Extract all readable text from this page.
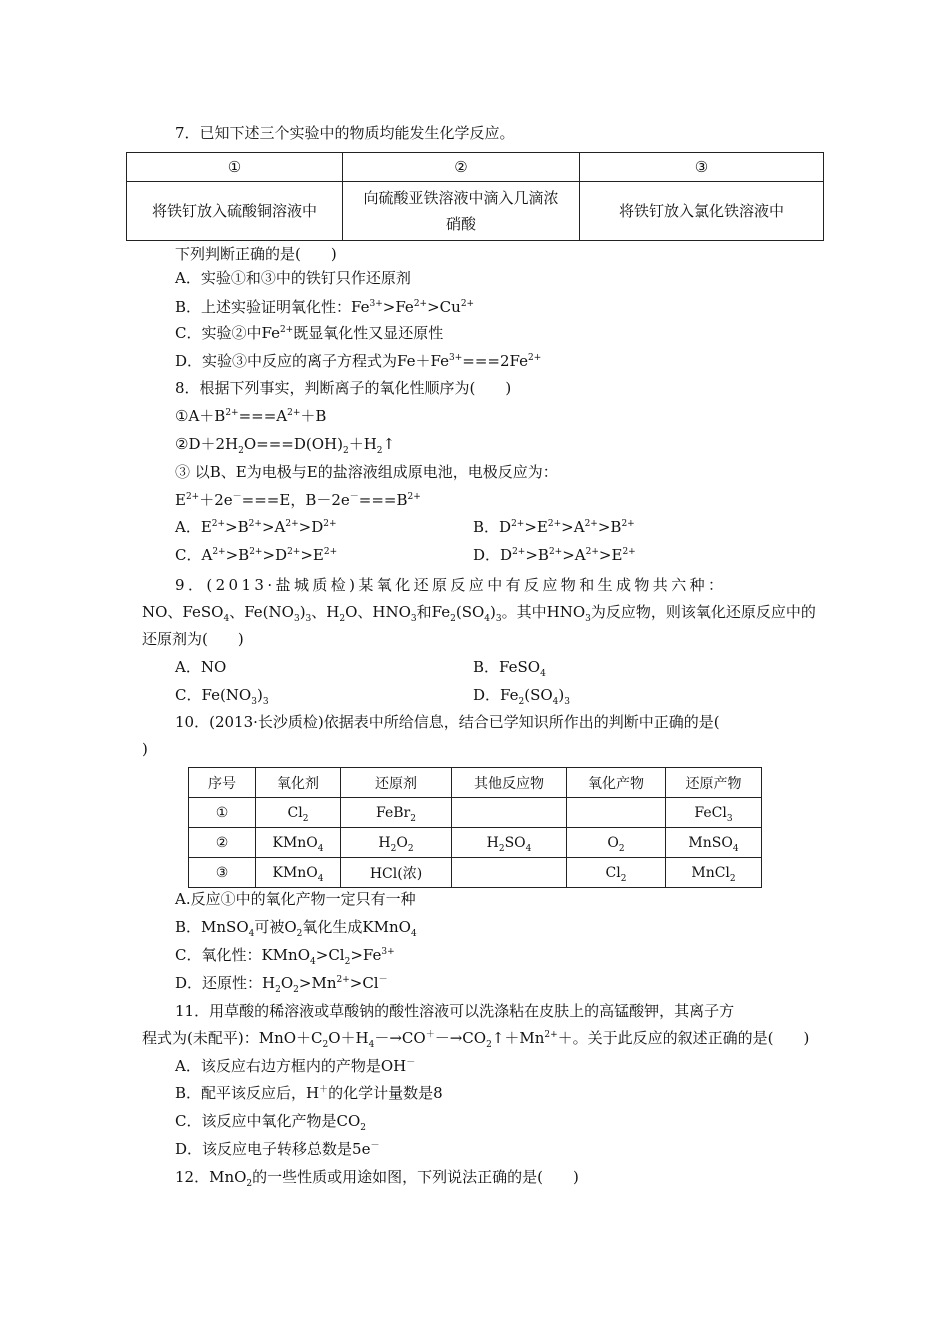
7．已知下述三个实验中的物质均能发生化学反应。
①	②	③
将铁钉放入硫酸铜溶液中	向硫酸亚铁溶液中滴入几滴浓
硝酸	将铁钉放入氯化铁溶液中
下列判断正确的是(　　)
A．实验①和③中的铁钉只作还原剂
B．上述实验证明氧化性：$Fe^{3+}>Fe^{2+}>Cu^{2+}$
C．实验②中$Fe^{2+}$既显氧化性又显还原性
D．实验③中反应的离子方程式为$Fe+Fe^{3+}===2Fe^{2+}$
8．根据下列事实，判断离子的氧化性顺序为(　　)
$①A+B^{2+}===A^{2+}+B$
$②D+2H_2O===D(OH)_2+H_2↑$
③ 以B、E为电极与E的盐溶液组成原电池，电极反应为：
$E^{2+}+2e^-===E$，$B-2e^-===B^{2+}$
A．$E^{2+}>B^{2+}>A^{2+}>D^{2+}$	B．$D^{2+}>E^{2+}>A^{2+}>B^{2+}$
C．$A^{2+}>B^{2+}>D^{2+}>E^{2+}$	D．$D^{2+}>B^{2+}>A^{2+}>E^{2+}$
9．(2013·盐城质检)某氧化还原反应中有反应物和生成物共六种：
NO、FeSO$_4$、$Fe(NO_3)_3$、$H_2O$、$HNO_3$和$Fe_2(SO_4)_3$。其中$HNO_3$为反应物，则该氧化还原反应中的
还原剂为(　　)
A．NO	B．FeSO$_4$
C．$Fe(NO_3)_3$	D．$Fe_2(SO_4)_3$
10．(2013·长沙质检)依据表中所给信息，结合已学知识所作出的判断中正确的是(
)
序号	氧化剂	还原剂	其他反应物	氧化产物	还原产物
①	$Cl_2$	FeBr$_2$			FeCl$_3$
②	KMnO$_4$	$H_2O_2$	$H_2SO_4$	$O_2$	MnSO$_4$
③	KMnO$_4$	HCl(浓)		$Cl_2$	MnCl$_2$
A.反应①中的氧化产物一定只有一种
B．MnSO$_4$可被$O_2$氧化生成KMnO$_4$
C．氧化性：$KMnO_4>Cl_2>Fe^{3+}$
D．还原性：$H_2O_2>Mn^{2+}>Cl^-$
11．用草酸的稀溶液或草酸钠的酸性溶液可以洗涤粘在皮肤上的高锰酸钾，其离子方
程式为(未配平)：$MnO+C_2O+H_4-\to CO^+-\to CO_2↑+Mn^{2+}+$。关于此反应的叙述正确的是(　　)
A．该反应右边方框内的产物是OH－
B．配平该反应后，H＋的化学计量数是8
C．该反应中氧化产物是$CO_2$
D．该反应电子转移总数是5e－
12．MnO$_2$的一些性质或用途如图，下列说法正确的是(　　)
